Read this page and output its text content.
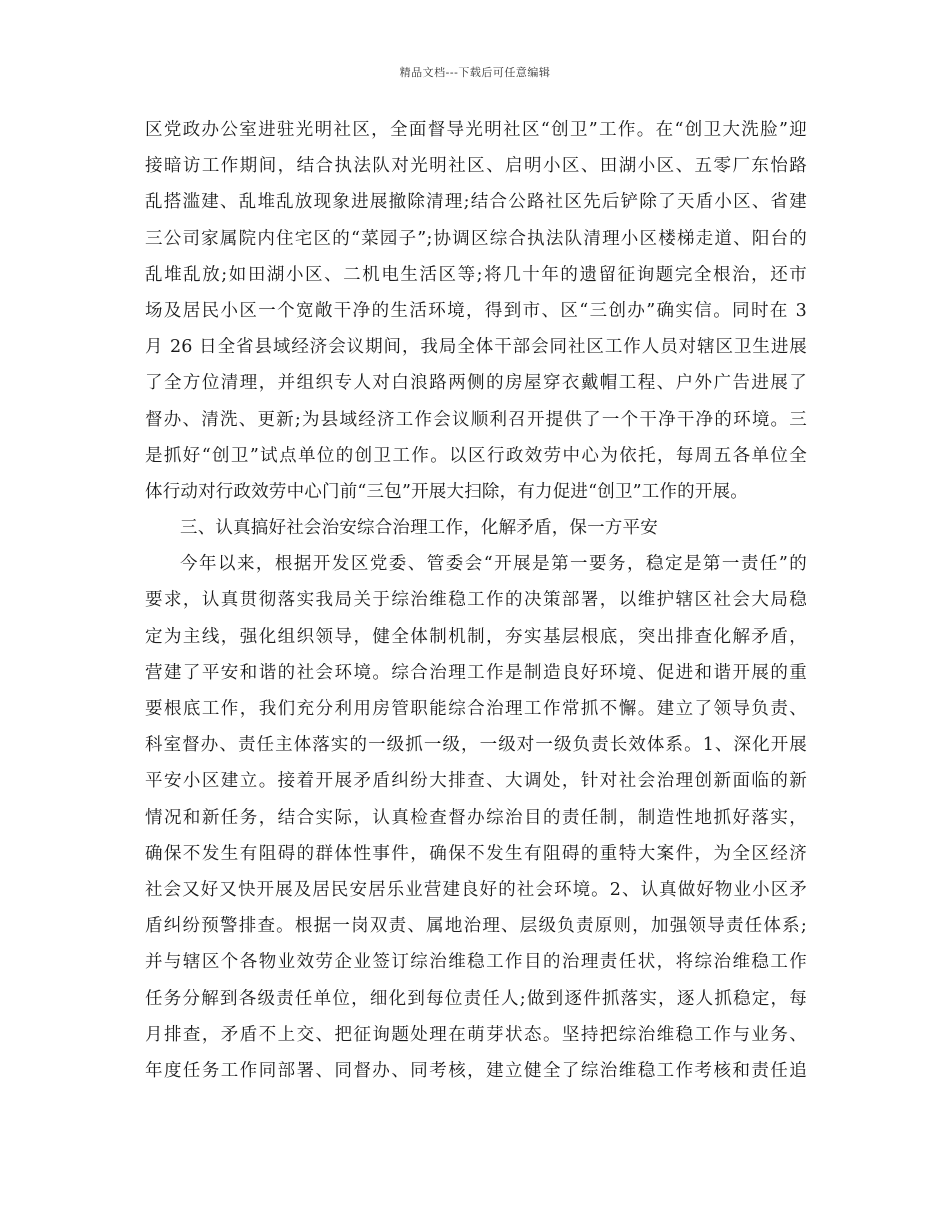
精品文档---下载后可任意编辑
区党政办公室进驻光明社区，全面督导光明社区“创卫”工作。在“创卫大洗脸”迎
接暗访工作期间，结合执法队对光明社区、启明小区、田湖小区、五零厂东怡路
乱搭滥建、乱堆乱放现象进展撤除清理;结合公路社区先后铲除了天盾小区、省建
三公司家属院内住宅区的“菜园子”;协调区综合执法队清理小区楼梯走道、阳台的
乱堆乱放;如田湖小区、二机电生活区等;将几十年的遗留征询题完全根治，还市
场及居民小区一个宽敞干净的生活环境，得到市、区“三创办”确实信。同时在 3
月 26 日全省县域经济会议期间，我局全体干部会同社区工作人员对辖区卫生进展
了全方位清理，并组织专人对白浪路两侧的房屋穿衣戴帽工程、户外广告进展了
督办、清洗、更新;为县域经济工作会议顺利召开提供了一个干净干净的环境。三
是抓好“创卫”试点单位的创卫工作。以区行政效劳中心为依托，每周五各单位全
体行动对行政效劳中心门前“三包”开展大扫除，有力促进“创卫”工作的开展。
三、认真搞好社会治安综合治理工作，化解矛盾，保一方平安
今年以来，根据开发区党委、管委会“开展是第一要务，稳定是第一责任”的
要求，认真贯彻落实我局关于综治维稳工作的决策部署，以维护辖区社会大局稳
定为主线，强化组织领导，健全体制机制，夯实基层根底，突出排查化解矛盾，
营建了平安和谐的社会环境。综合治理工作是制造良好环境、促进和谐开展的重
要根底工作，我们充分利用房管职能综合治理工作常抓不懈。建立了领导负责、
科室督办、责任主体落实的一级抓一级，一级对一级负责长效体系。1、深化开展
平安小区建立。接着开展矛盾纠纷大排查、大调处，针对社会治理创新面临的新
情况和新任务，结合实际，认真检查督办综治目的责任制，制造性地抓好落实，
确保不发生有阻碍的群体性事件，确保不发生有阻碍的重特大案件，为全区经济
社会又好又快开展及居民安居乐业营建良好的社会环境。2、认真做好物业小区矛
盾纠纷预警排查。根据一岗双责、属地治理、层级负责原则，加强领导责任体系;
并与辖区个各物业效劳企业签订综治维稳工作目的治理责任状，将综治维稳工作
任务分解到各级责任单位，细化到每位责任人;做到逐件抓落实，逐人抓稳定，每
月排查，矛盾不上交、把征询题处理在萌芽状态。坚持把综治维稳工作与业务、
年度任务工作同部署、同督办、同考核，建立健全了综治维稳工作考核和责任追
